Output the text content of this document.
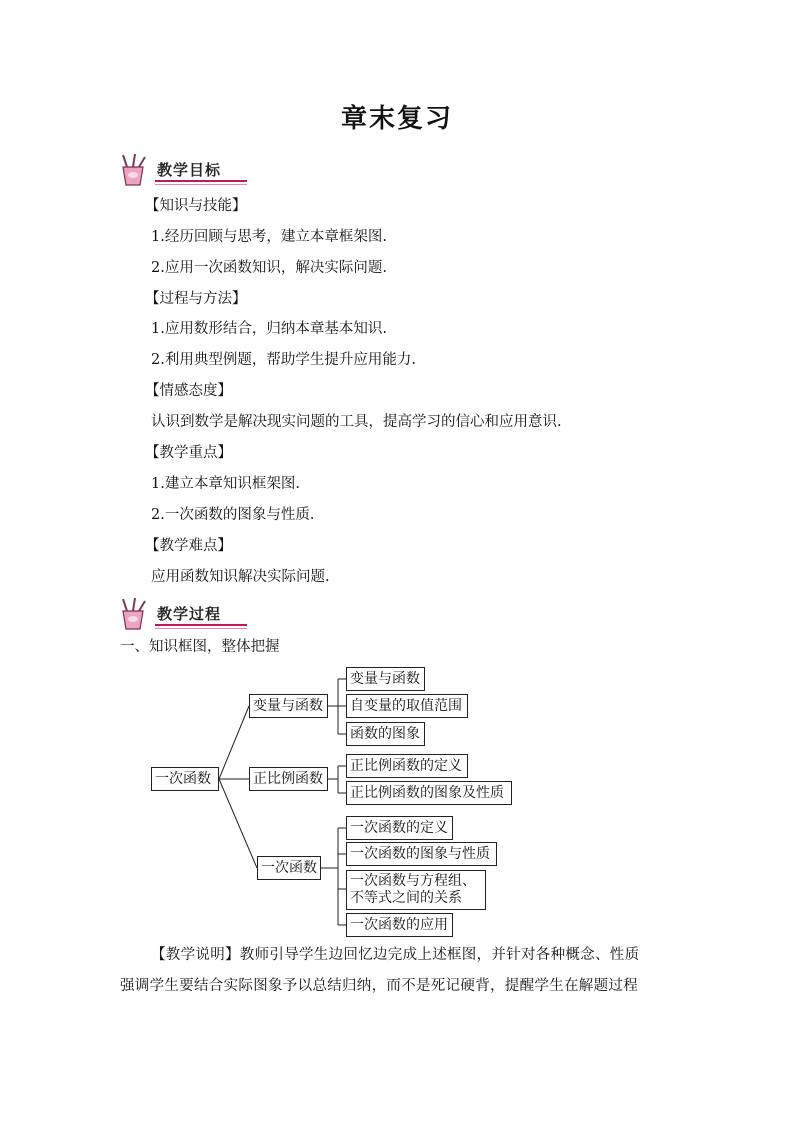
章末复习
教学目标
【知识与技能】
1.经历回顾与思考，建立本章框架图.
2.应用一次函数知识，解决实际问题.
【过程与方法】
1.应用数形结合，归纳本章基本知识.
2.利用典型例题，帮助学生提升应用能力.
【情感态度】
认识到数学是解决现实问题的工具，提高学习的信心和应用意识.
【教学重点】
1.建立本章知识框架图.
2.一次函数的图象与性质.
【教学难点】
应用函数知识解决实际问题.
教学过程
一、知识框图，整体把握
一次函数
变量与函数
正比例函数
一次函数
变量与函数
自变量的取值范围
函数的图象
正比例函数的定义
正比例函数的图象及性质
一次函数的定义
一次函数的图象与性质
一次函数与方程组、
不等式之间的关系
一次函数的应用
【教学说明】教师引导学生边回忆边完成上述框图，并针对各种概念、性质
强调学生要结合实际图象予以总结归纳，而不是死记硬背，提醒学生在解题过程
